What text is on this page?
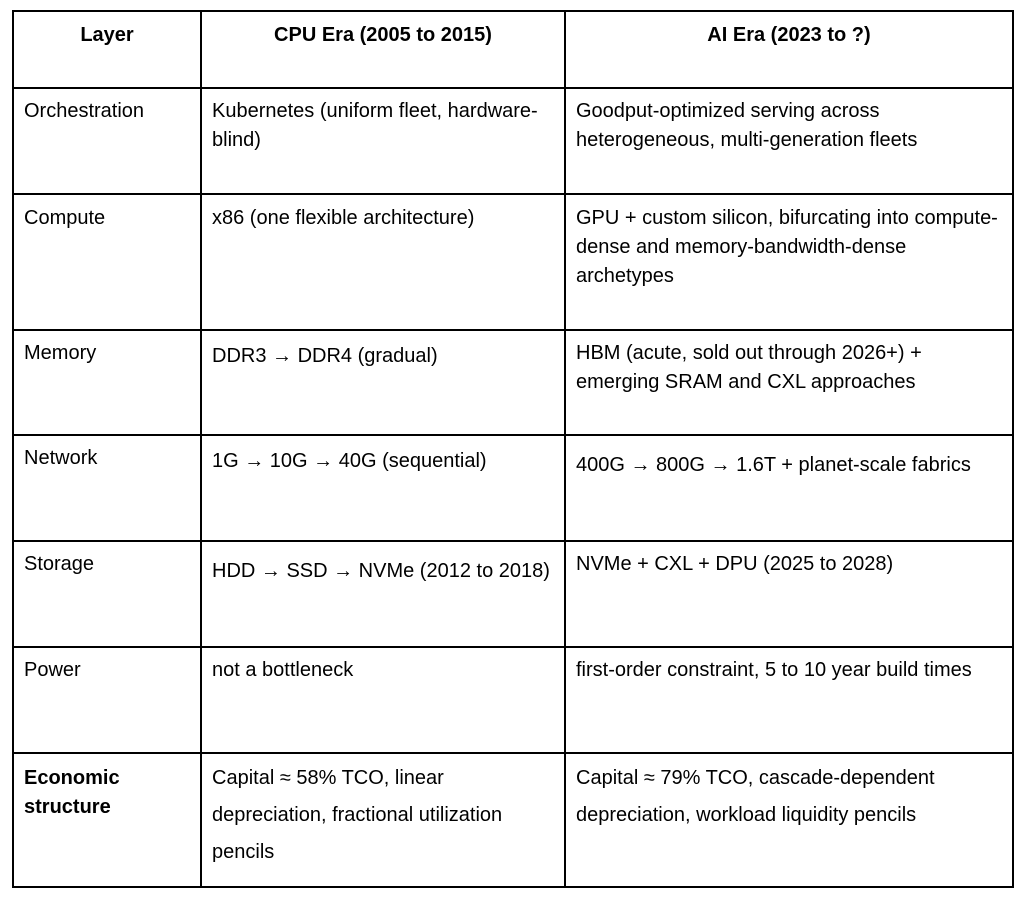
Layer	CPU Era (2005 to 2015)	AI Era (2023 to ?)
Orchestration	Kubernetes (uniform fleet, hardware-blind)	Goodput-optimized serving across heterogeneous, multi-generation fleets
Compute	x86 (one flexible architecture)	GPU + custom silicon, bifurcating into compute-dense and memory-bandwidth-dense archetypes
Memory	DDR3 → DDR4 (gradual)	HBM (acute, sold out through 2026+) + emerging SRAM and CXL approaches
Network	1G → 10G → 40G (sequential)	400G → 800G → 1.6T + planet-scale fabrics
Storage	HDD → SSD → NVMe (2012 to 2018)	NVMe + CXL + DPU (2025 to 2028)
Power	not a bottleneck	first-order constraint, 5 to 10 year build times
Economic structure	Capital ≈ 58% TCO, linear depreciation, fractional utilization pencils	Capital ≈ 79% TCO, cascade-dependent depreciation, workload liquidity pencils
